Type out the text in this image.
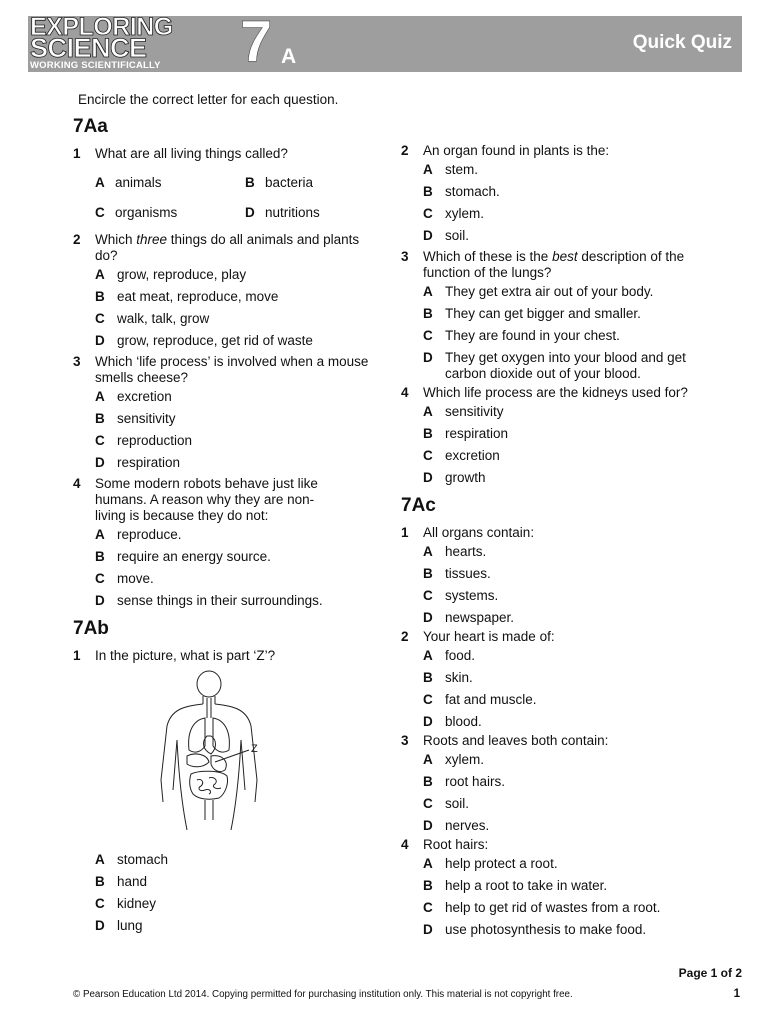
EXPLORING
SCIENCE
WORKING SCIENTIFICALLY 7 A
Quick Quiz
Encircle the correct letter for each question.
7Aa
1 What are all living things called?
A animals	B bacteria
C organisms	D nutritions
2 Which three things do all animals and plants do?
A grow, reproduce, play
B eat meat, reproduce, move
C walk, talk, grow
D grow, reproduce, get rid of waste
3 Which ‘life process’ is involved when a mouse smells cheese?
A excretion
B sensitivity
C reproduction
D respiration
4 Some modern robots behave just like humans. A reason why they are non-living is because they do not:
A reproduce.
B require an energy source.
C move.
D sense things in their surroundings.
7Ab
1 In the picture, what is part ‘Z’?
Z
A stomach
B hand
C kidney
D lung
2 An organ found in plants is the:
A stem.
B stomach.
C xylem.
D soil.
3 Which of these is the best description of the function of the lungs?
A They get extra air out of your body.
B They can get bigger and smaller.
C They are found in your chest.
D They get oxygen into your blood and get carbon dioxide out of your blood.
4 Which life process are the kidneys used for?
A sensitivity
B respiration
C excretion
D growth
7Ac
1 All organs contain:
A hearts.
B tissues.
C systems.
D newspaper.
2 Your heart is made of:
A food.
B skin.
C fat and muscle.
D blood.
3 Roots and leaves both contain:
A xylem.
B root hairs.
C soil.
D nerves.
4 Root hairs:
A help protect a root.
B help a root to take in water.
C help to get rid of wastes from a root.
D use photosynthesis to make food.
Page 1 of 2
© Pearson Education Ltd 2014. Copying permitted for purchasing institution only. This material is not copyright free.	1
